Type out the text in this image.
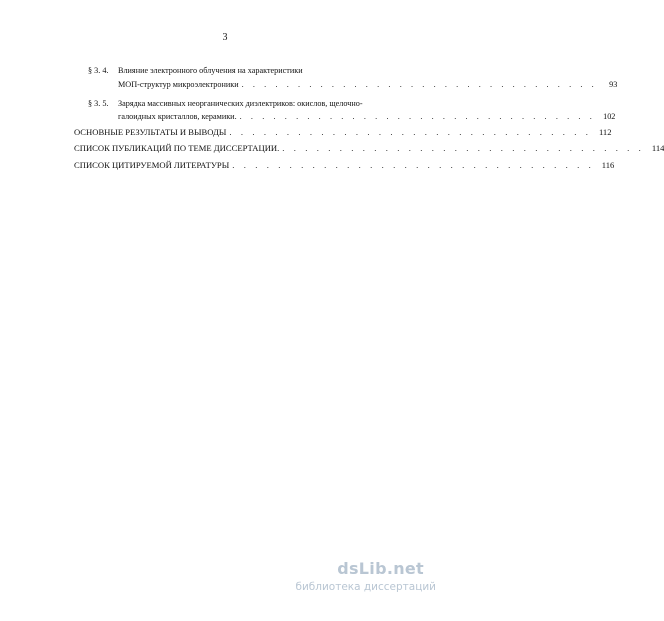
3
§ 3. 4. Влияние электронного облучения на характеристики
МОП-структур микроэлектроники . . . . . . . . . . . . . . . . . . . . . . . . . . . . . . . .	93
§ 3. 5. Зарядка массивных неорганических диэлектриков: окислов, щелочно-
галоидных кристаллов, керамики. . . . . . . . . . . . . . . . . . . . . . . . . . . . . . . . . 102
ОСНОВНЫЕ РЕЗУЛЬТАТЫ И ВЫВОДЫ . . . . . . . . . . . . . . . . . . . . . . . . . . . . . . . . 112
СПИСОК ПУБЛИКАЦИЙ ПО ТЕМЕ ДИССЕРТАЦИИ. . . . . . . . . . . . . . . . . . . . . . . . . . . . . . . . . 114
СПИСОК ЦИТИРУЕМОЙ ЛИТЕРАТУРЫ . . . . . . . . . . . . . . . . . . . . . . . . . . . . . . . . 116
dsLib.net
библиотека диссертаций
